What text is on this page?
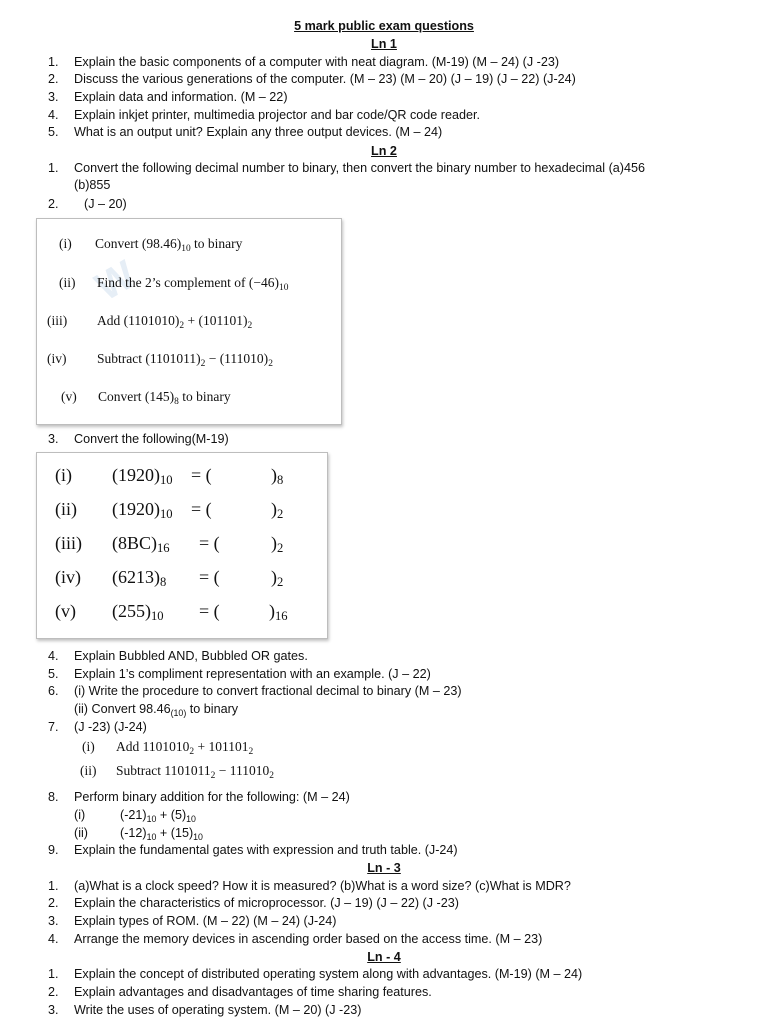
5 mark public exam questions
Ln 1
1. Explain the basic components of a computer with neat diagram. (M-19) (M – 24) (J -23)
2. Discuss the various generations of the computer. (M – 23) (M – 20) (J – 19) (J – 22) (J-24)
3. Explain data and information. (M – 22)
4. Explain inkjet printer, multimedia projector and bar code/QR code reader.
5. What is an output unit? Explain any three output devices. (M – 24)
Ln 2
1. Convert the following decimal number to binary, then convert the binary number to hexadecimal (a)456
(b)855
2. (J – 20)
W
(i) Convert $(98.46)_{10}$ to binary
(ii) Find the 2’s complement of $(-46)_{10}$
(iii) Add $(1101010)_2 + (101101)_2$
(iv) Subtract $(1101011)_2 - (111010)_2$
(v) Convert $(145)_8$ to binary
3. Convert the following(M-19)
(i) $(1920)_{10}$ = (	)$_8$
(ii) $(1920)_{10}$ = (	)$_2$
(iii) $(8BC)_{16}$ = (	)$_2$
(iv) $(6213)_8$ = (	)$_2$
(v) $(255)_{10}$ = (	)$_{16}$
4. Explain Bubbled AND, Bubbled OR gates.
5. Explain 1’s compliment representation with an example. (J – 22)
6. (i) Write the procedure to convert fractional decimal to binary (M – 23)
(ii) Convert $98.46_{(10)}$ to binary
7. (J -23) (J-24)
(i) Add $1101010_2 + 101101_2$
(ii) Subtract $1101011_2 - 111010_2$
8. Perform binary addition for the following: (M – 24)
(i)	$(-21)_{10} + (5)_{10}$
(ii)	$(-12)_{10} + (15)_{10}$
9. Explain the fundamental gates with expression and truth table. (J-24)
Ln - 3
1. (a)What is a clock speed? How it is measured? (b)What is a word size? (c)What is MDR?
2. Explain the characteristics of microprocessor. (J – 19) (J – 22) (J -23)
3. Explain types of ROM. (M – 22) (M – 24) (J-24)
4. Arrange the memory devices in ascending order based on the access time. (M – 23)
Ln - 4
1. Explain the concept of distributed operating system along with advantages. (M-19) (M – 24)
2. Explain advantages and disadvantages of time sharing features.
3. Write the uses of operating system. (M – 20) (J -23)
